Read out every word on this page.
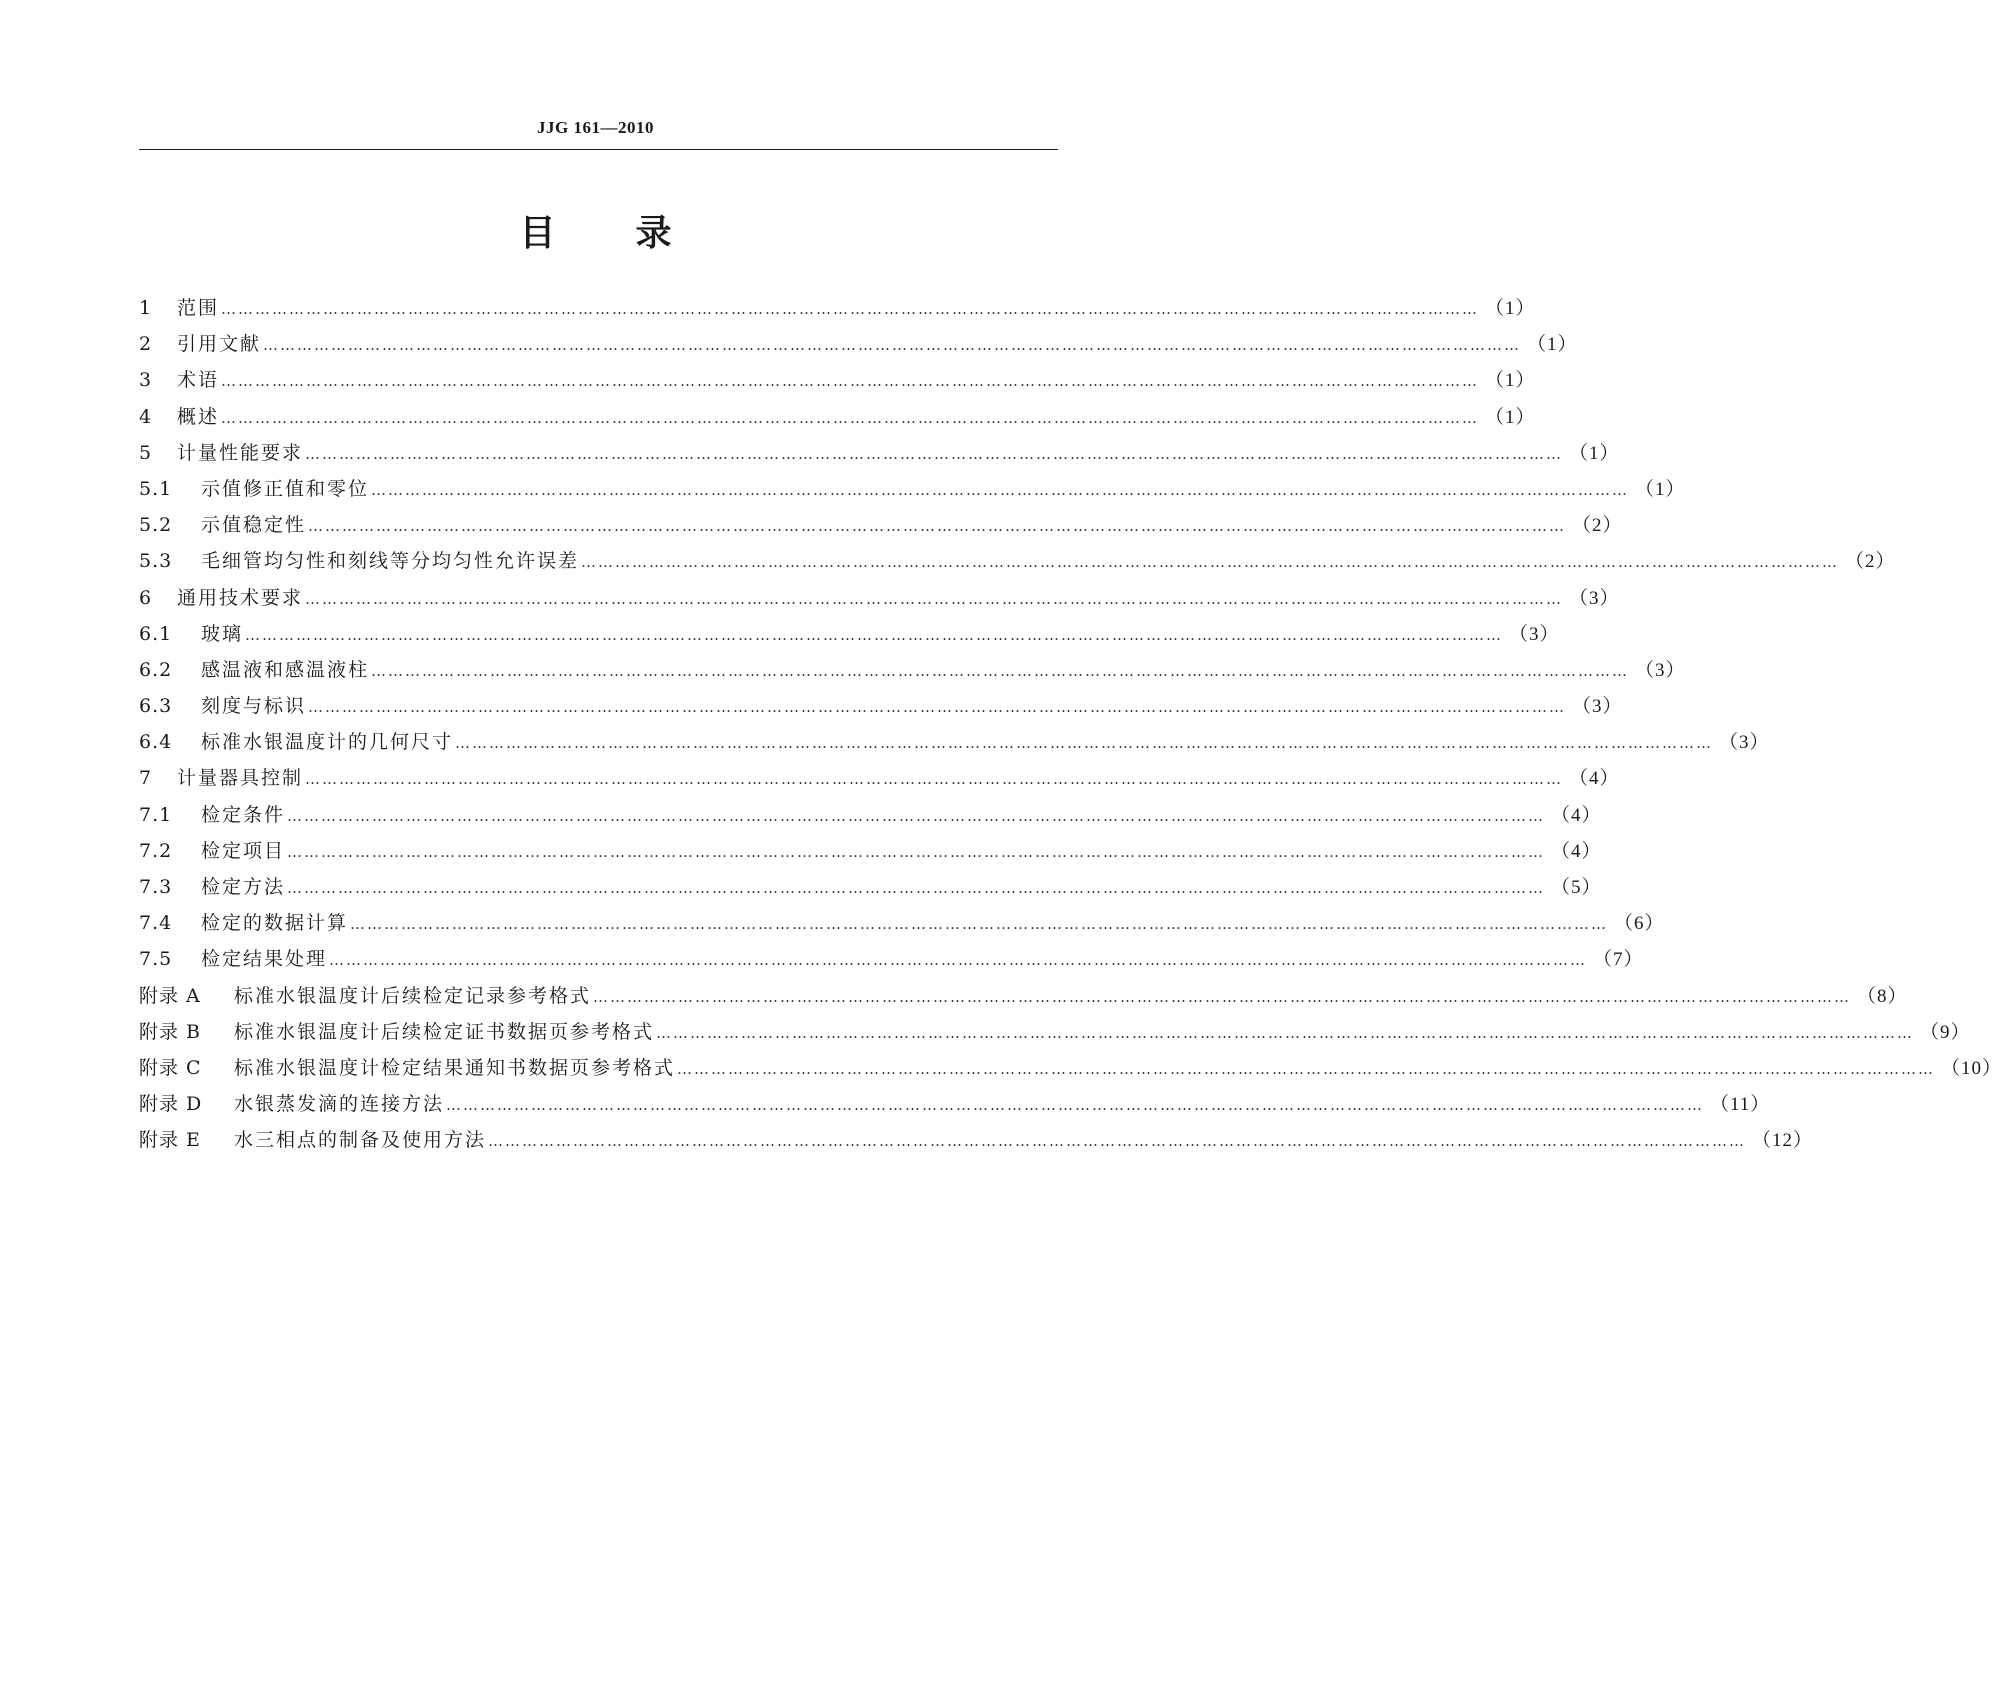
JJG 161—2010
目 录
1	范围 …………………………………………………………………………………………………………………………………………………………………………………………………… （1）
2	引用文献 …………………………………………………………………………………………………………………………………………………………………………………………………… （1）
3	术语 …………………………………………………………………………………………………………………………………………………………………………………………………… （1）
4	概述 …………………………………………………………………………………………………………………………………………………………………………………………………… （1）
5	计量性能要求 …………………………………………………………………………………………………………………………………………………………………………………………………… （1）
5.1	示值修正值和零位 …………………………………………………………………………………………………………………………………………………………………………………………………… （1）
5.2	示值稳定性 …………………………………………………………………………………………………………………………………………………………………………………………………… （2）
5.3	毛细管均匀性和刻线等分均匀性允许误差 …………………………………………………………………………………………………………………………………………………………………………………………………… （2）
6	通用技术要求 …………………………………………………………………………………………………………………………………………………………………………………………………… （3）
6.1	玻璃 …………………………………………………………………………………………………………………………………………………………………………………………………… （3）
6.2	感温液和感温液柱 …………………………………………………………………………………………………………………………………………………………………………………………………… （3）
6.3	刻度与标识 …………………………………………………………………………………………………………………………………………………………………………………………………… （3）
6.4	标准水银温度计的几何尺寸 …………………………………………………………………………………………………………………………………………………………………………………………………… （3）
7	计量器具控制 …………………………………………………………………………………………………………………………………………………………………………………………………… （4）
7.1	检定条件 …………………………………………………………………………………………………………………………………………………………………………………………………… （4）
7.2	检定项目 …………………………………………………………………………………………………………………………………………………………………………………………………… （4）
7.3	检定方法 …………………………………………………………………………………………………………………………………………………………………………………………………… （5）
7.4	检定的数据计算 …………………………………………………………………………………………………………………………………………………………………………………………………… （6）
7.5	检定结果处理 …………………………………………………………………………………………………………………………………………………………………………………………………… （7）
附录 A	标准水银温度计后续检定记录参考格式 …………………………………………………………………………………………………………………………………………………………………………………………………… （8）
附录 B	标准水银温度计后续检定证书数据页参考格式 …………………………………………………………………………………………………………………………………………………………………………………………………… （9）
附录 C	标准水银温度计检定结果通知书数据页参考格式 …………………………………………………………………………………………………………………………………………………………………………………………………… （10）
附录 D	水银蒸发滴的连接方法 …………………………………………………………………………………………………………………………………………………………………………………………………… （11）
附录 E	水三相点的制备及使用方法 …………………………………………………………………………………………………………………………………………………………………………………………………… （12）
